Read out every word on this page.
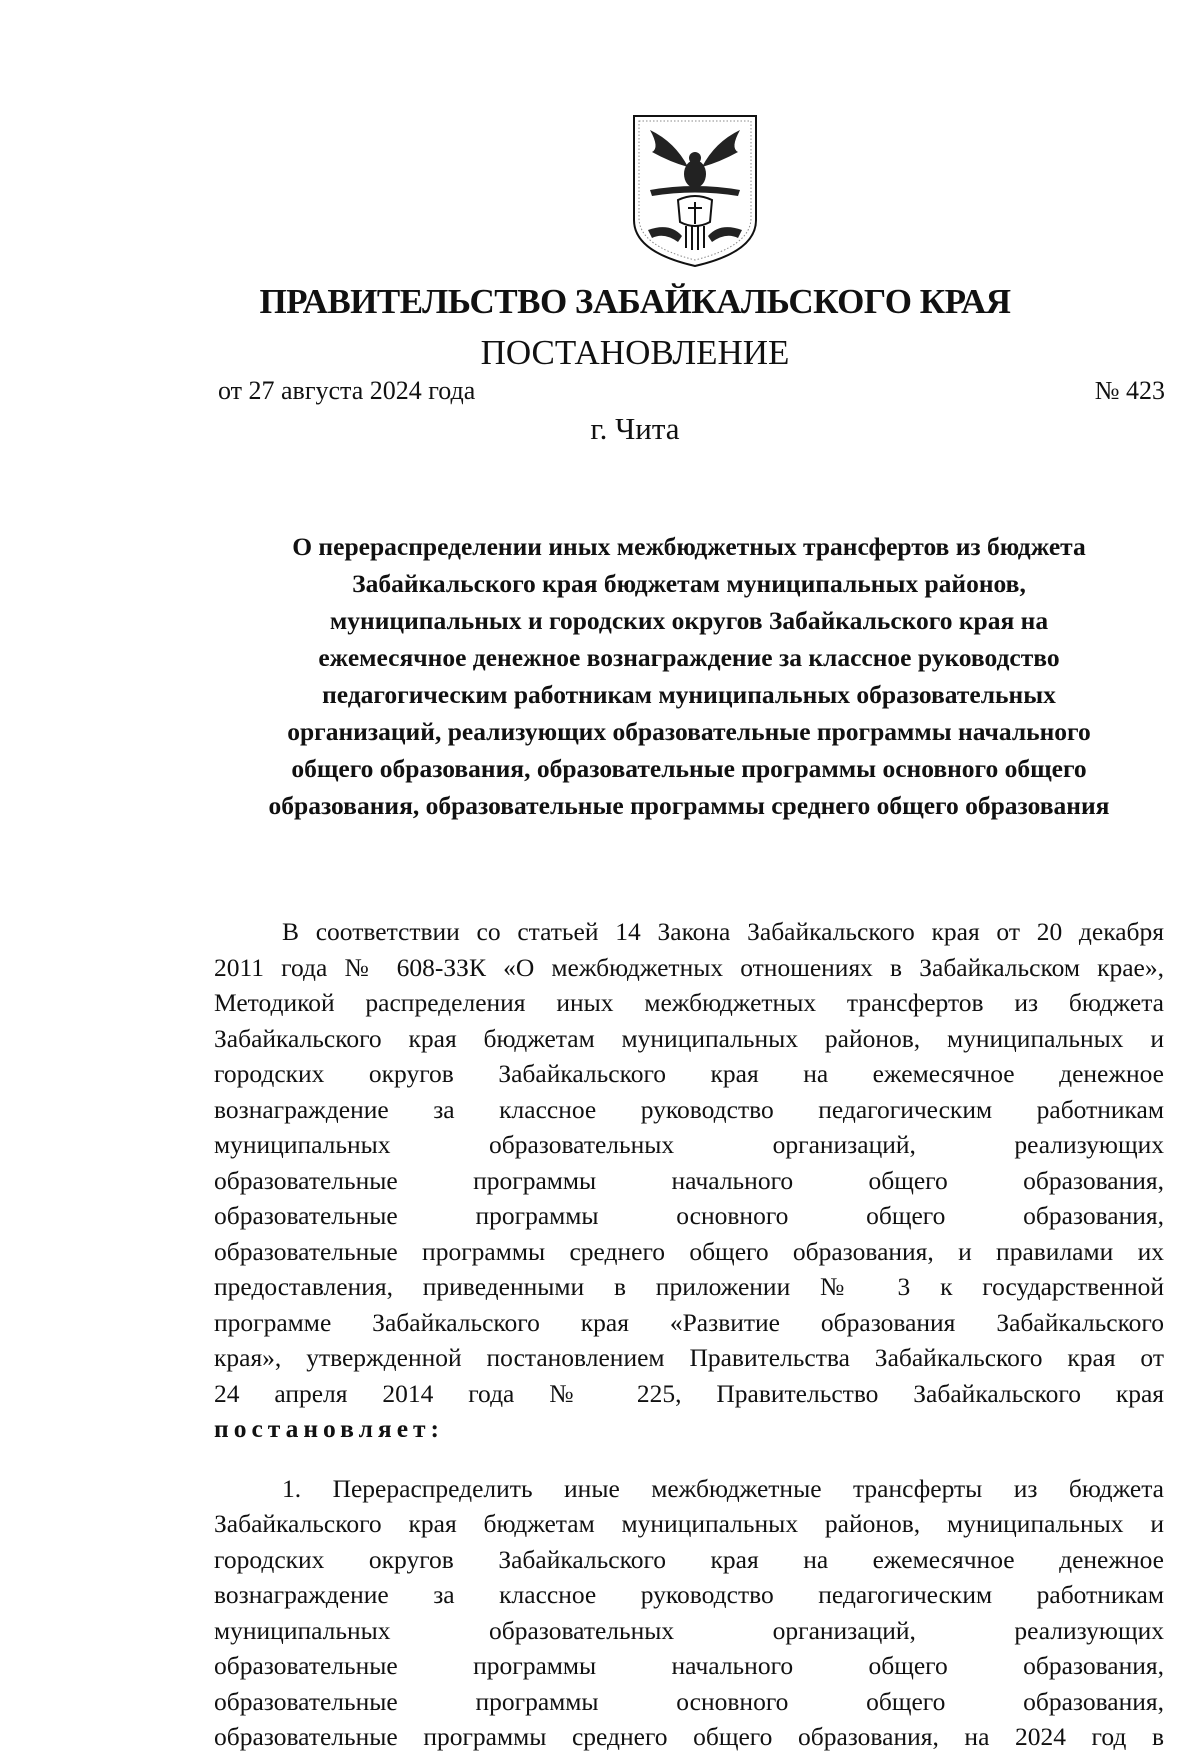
ПРАВИТЕЛЬСТВО ЗАБАЙКАЛЬСКОГО КРАЯ
ПОСТАНОВЛЕНИЕ
от 27 августа 2024 года	№ 423
г. Чита
О перераспределении иных межбюджетных трансфертов из бюджета
Забайкальского края бюджетам муниципальных районов,
муниципальных и городских округов Забайкальского края на
ежемесячное денежное вознаграждение за классное руководство
педагогическим работникам муниципальных образовательных
организаций, реализующих образовательные программы начального
общего образования, образовательные программы основного общего
образования, образовательные программы среднего общего образования
В соответствии со статьей 14 Закона Забайкальского края от 20 декабря
2011 года № 608-ЗЗК «О межбюджетных отношениях в Забайкальском крае»,
Методикой распределения иных межбюджетных трансфертов из бюджета
Забайкальского края бюджетам муниципальных районов, муниципальных и
городских округов Забайкальского края на ежемесячное денежное
вознаграждение за классное руководство педагогическим работникам
муниципальных образовательных организаций, реализующих
образовательные программы начального общего образования,
образовательные программы основного общего образования,
образовательные программы среднего общего образования, и правилами их
предоставления, приведенными в приложении № 3 к государственной
программе Забайкальского края «Развитие образования Забайкальского
края», утвержденной постановлением Правительства Забайкальского края от
24 апреля 2014 года № 225, Правительство Забайкальского края
постановляет:
1. Перераспределить иные межбюджетные трансферты из бюджета
Забайкальского края бюджетам муниципальных районов, муниципальных и
городских округов Забайкальского края на ежемесячное денежное
вознаграждение за классное руководство педагогическим работникам
муниципальных образовательных организаций, реализующих
образовательные программы начального общего образования,
образовательные программы основного общего образования,
образовательные программы среднего общего образования, на 2024 год в
